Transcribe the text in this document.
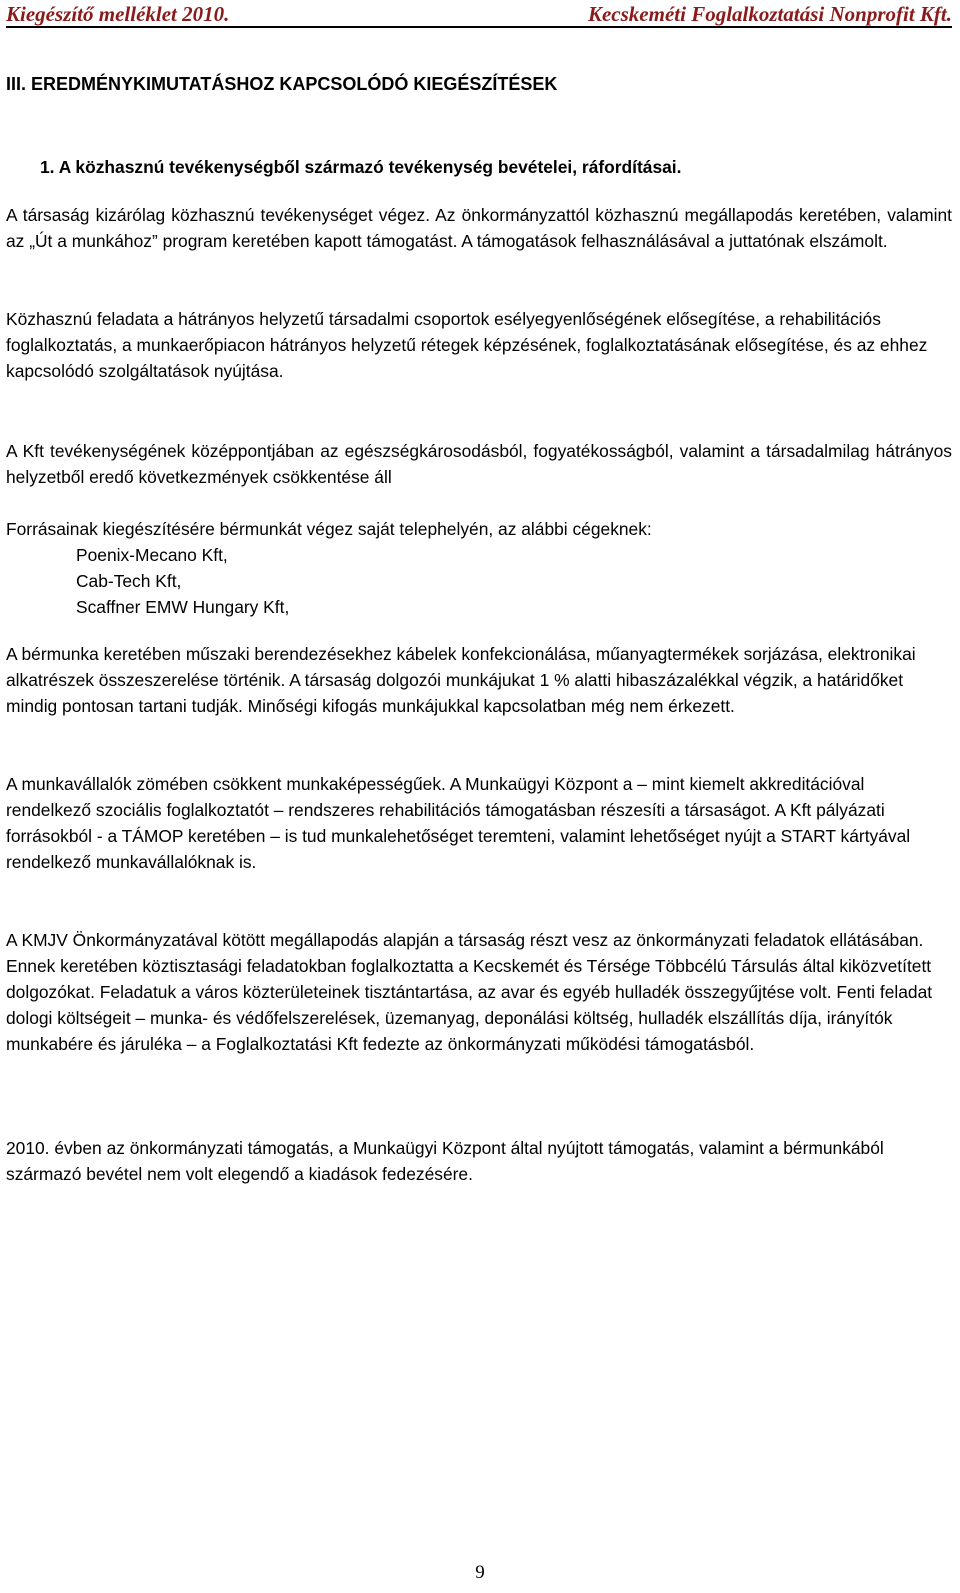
Kiegészítő melléklet 2010.	Kecskeméti Foglalkoztatási Nonprofit Kft.
III. EREDMÉNYKIMUTATÁSHOZ KAPCSOLÓDÓ KIEGÉSZÍTÉSEK
1. A közhasznú tevékenységből származó tevékenység bevételei, ráfordításai.

A társaság kizárólag közhasznú tevékenységet végez. Az önkormányzattól közhasznú megállapodás keretében, valamint az „Út a munkához” program keretében kapott támogatást. A támogatások felhasználásával a juttatónak elszámolt.

Közhasznú feladata a hátrányos helyzetű társadalmi csoportok esélyegyenlőségének elősegítése, a rehabilitációs foglalkoztatás, a munkaerőpiacon hátrányos helyzetű rétegek képzésének, foglalkoztatásának elősegítése, és az ehhez kapcsolódó szolgáltatások nyújtása.

A Kft tevékenységének középpontjában az egészségkárosodásból, fogyatékosságból, valamint a társadalmilag hátrányos helyzetből eredő következmények csökkentése áll

Forrásainak kiegészítésére bérmunkát végez saját telephelyén, az alábbi cégeknek:
Poenix-Mecano Kft,
Cab-Tech Kft,
Scaffner EMW Hungary Kft,

A bérmunka keretében műszaki berendezésekhez kábelek konfekcionálása, műanyagtermékek sorjázása, elektronikai alkatrészek összeszerelése történik. A társaság dolgozói munkájukat 1 % alatti hibaszázalékkal végzik, a határidőket mindig pontosan tartani tudják. Minőségi kifogás munkájukkal kapcsolatban még nem érkezett.

A munkavállalók zömében csökkent munkaképességűek. A Munkaügyi Központ a – mint kiemelt akkreditációval rendelkező szociális foglalkoztatót – rendszeres rehabilitációs támogatásban részesíti a társaságot. A Kft pályázati forrásokból - a TÁMOP keretében – is tud munkalehetőséget teremteni, valamint lehetőséget nyújt a START kártyával rendelkező munkavállalóknak is.

A KMJV Önkormányzatával kötött megállapodás alapján a társaság részt vesz az önkormányzati feladatok ellátásában. Ennek keretében köztisztasági feladatokban foglalkoztatta a Kecskemét és Térsége Többcélú Társulás által kiközvetített dolgozókat. Feladatuk a város közterületeinek tisztántartása, az avar és egyéb hulladék összegyűjtése volt. Fenti feladat dologi költségeit – munka- és védőfelszerelések, üzemanyag, deponálási költség, hulladék elszállítás díja, irányítók munkabére és járuléka – a Foglalkoztatási Kft fedezte az önkormányzati működési támogatásból.

2010. évben az önkormányzati támogatás, a Munkaügyi Központ által nyújtott támogatás, valamint a bérmunkából származó bevétel nem volt elegendő a kiadások fedezésére.

9
